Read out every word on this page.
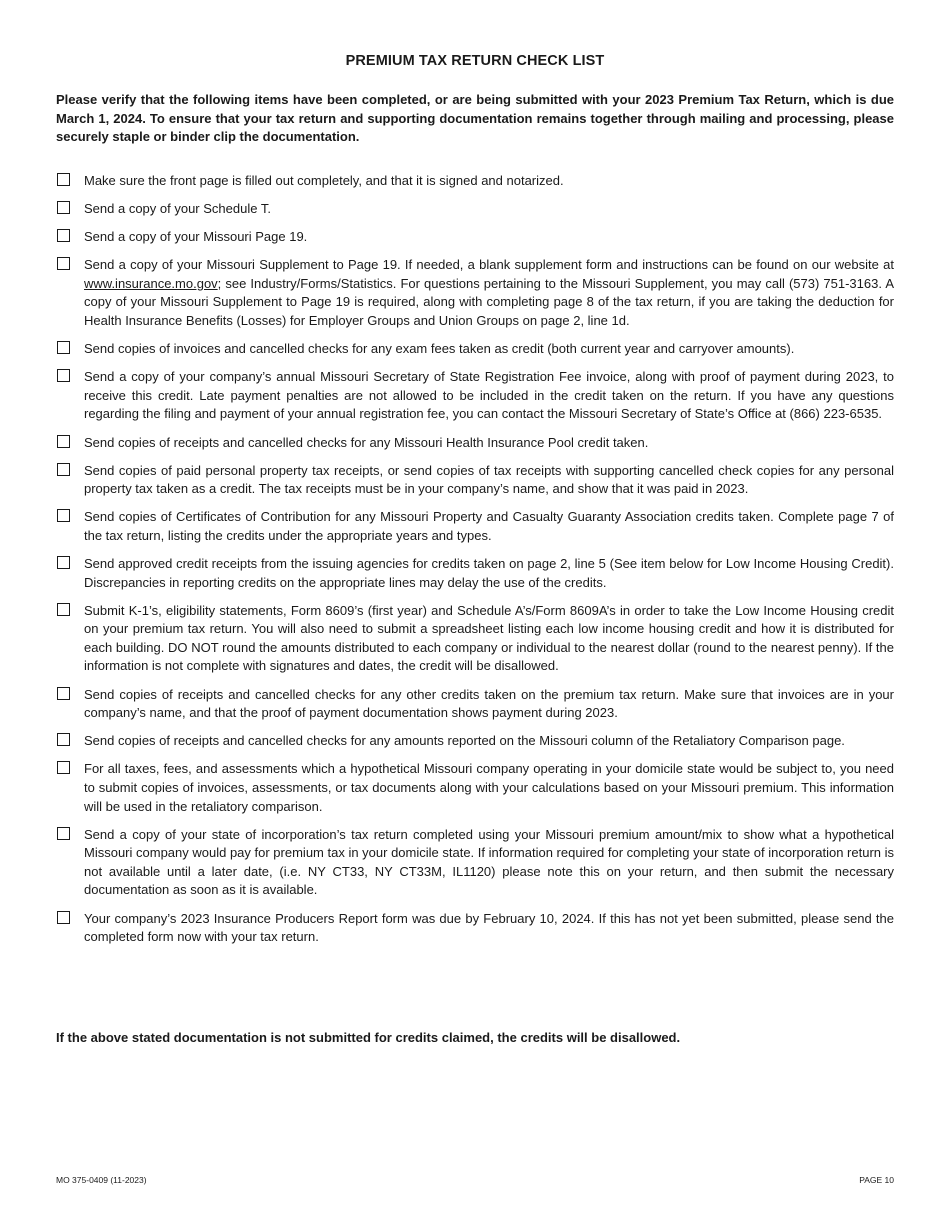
PREMIUM TAX RETURN CHECK LIST
Please verify that the following items have been completed, or are being submitted with your 2023 Premium Tax Return, which is due March 1, 2024. To ensure that your tax return and supporting documentation remains together through mailing and processing, please securely staple or binder clip the documentation.
Make sure the front page is filled out completely, and that it is signed and notarized.
Send a copy of your Schedule T.
Send a copy of your Missouri Page 19.
Send a copy of your Missouri Supplement to Page 19. If needed, a blank supplement form and instructions can be found on our website at www.insurance.mo.gov; see Industry/Forms/Statistics. For questions pertaining to the Missouri Supplement, you may call (573) 751-3163. A copy of your Missouri Supplement to Page 19 is required, along with completing page 8 of the tax return, if you are taking the deduction for Health Insurance Benefits (Losses) for Employer Groups and Union Groups on page 2, line 1d.
Send copies of invoices and cancelled checks for any exam fees taken as credit (both current year and carryover amounts).
Send a copy of your company’s annual Missouri Secretary of State Registration Fee invoice, along with proof of payment during 2023, to receive this credit. Late payment penalties are not allowed to be included in the credit taken on the return. If you have any questions regarding the filing and payment of your annual registration fee, you can contact the Missouri Secretary of State’s Office at (866) 223-6535.
Send copies of receipts and cancelled checks for any Missouri Health Insurance Pool credit taken.
Send copies of paid personal property tax receipts, or send copies of tax receipts with supporting cancelled check copies for any personal property tax taken as a credit. The tax receipts must be in your company’s name, and show that it was paid in 2023.
Send copies of Certificates of Contribution for any Missouri Property and Casualty Guaranty Association credits taken. Complete page 7 of the tax return, listing the credits under the appropriate years and types.
Send approved credit receipts from the issuing agencies for credits taken on page 2, line 5 (See item below for Low Income Housing Credit). Discrepancies in reporting credits on the appropriate lines may delay the use of the credits.
Submit K-1’s, eligibility statements, Form 8609’s (first year) and Schedule A’s/Form 8609A’s in order to take the Low Income Housing credit on your premium tax return. You will also need to submit a spreadsheet listing each low income housing credit and how it is distributed for each building. DO NOT round the amounts distributed to each company or individual to the nearest dollar (round to the nearest penny). If the information is not complete with signatures and dates, the credit will be disallowed.
Send copies of receipts and cancelled checks for any other credits taken on the premium tax return. Make sure that invoices are in your company’s name, and that the proof of payment documentation shows payment during 2023.
Send copies of receipts and cancelled checks for any amounts reported on the Missouri column of the Retaliatory Comparison page.
For all taxes, fees, and assessments which a hypothetical Missouri company operating in your domicile state would be subject to, you need to submit copies of invoices, assessments, or tax documents along with your calculations based on your Missouri premium. This information will be used in the retaliatory comparison.
Send a copy of your state of incorporation’s tax return completed using your Missouri premium amount/mix to show what a hypothetical Missouri company would pay for premium tax in your domicile state. If information required for completing your state of incorporation return is not available until a later date, (i.e. NY CT33, NY CT33M, IL1120) please note this on your return, and then submit the necessary documentation as soon as it is available.
Your company’s 2023 Insurance Producers Report form was due by February 10, 2024. If this has not yet been submitted, please send the completed form now with your tax return.
If the above stated documentation is not submitted for credits claimed, the credits will be disallowed.
MO 375-0409 (11-2023)	PAGE 10
